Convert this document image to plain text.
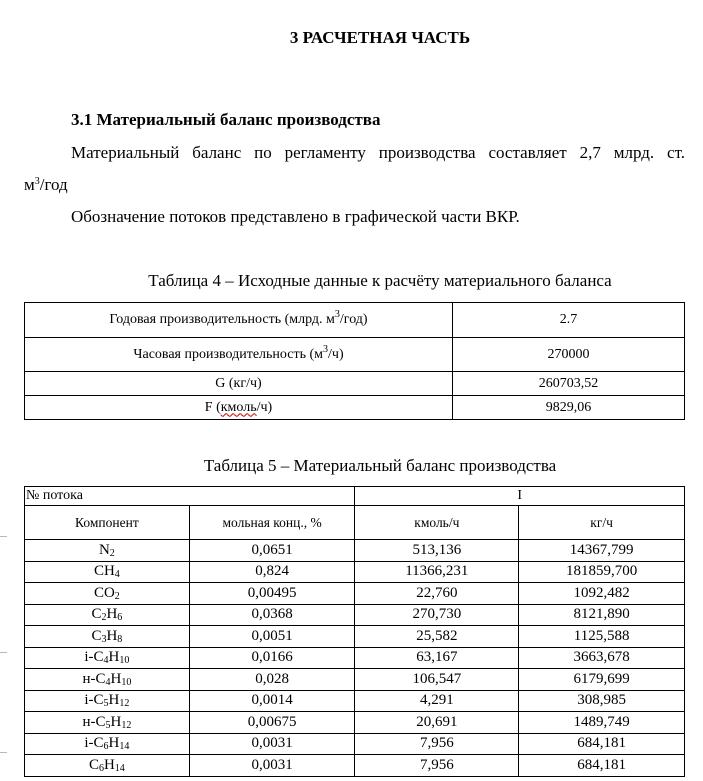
3 РАСЧЕТНАЯ ЧАСТЬ
3.1 Материальный баланс производства
Материальный баланс по регламенту производства составляет 2,7 млрд. ст.
$м^3$/год
Обозначение потоков представлено в графической части ВКР.
Таблица 4 – Исходные данные к расчёту материального баланса
Годовая производительность (млрд. $м^3/год$)	2.7
Часовая производительность $(м^3/ч)$	270000
G (кг/ч)	260703,52
F (кмоль/ч)	9829,06
Таблица 5 – Материальный баланс производства
№ потока		I	
Компонент	мольная конц., %	кмоль/ч	кг/ч
$N_2$	0,0651	513,136	14367,799
$CH_4$	0,824	11366,231	181859,700
$CO_2$	0,00495	22,760	1092,482
$C_2H_6$	0,0368	270,730	8121,890
$C_3H_8$	0,0051	25,582	1125,588
$i-C_4H_{10}$	0,0166	63,167	3663,678
$н-C_4H_{10}$	0,028	106,547	6179,699
$i-C_5H_{12}$	0,0014	4,291	308,985
$н-C_5H_{12}$	0,00675	20,691	1489,749
$i-C_6H_{14}$	0,0031	7,956	684,181
$C_6H_{14}$	0,0031	7,956	684,181
